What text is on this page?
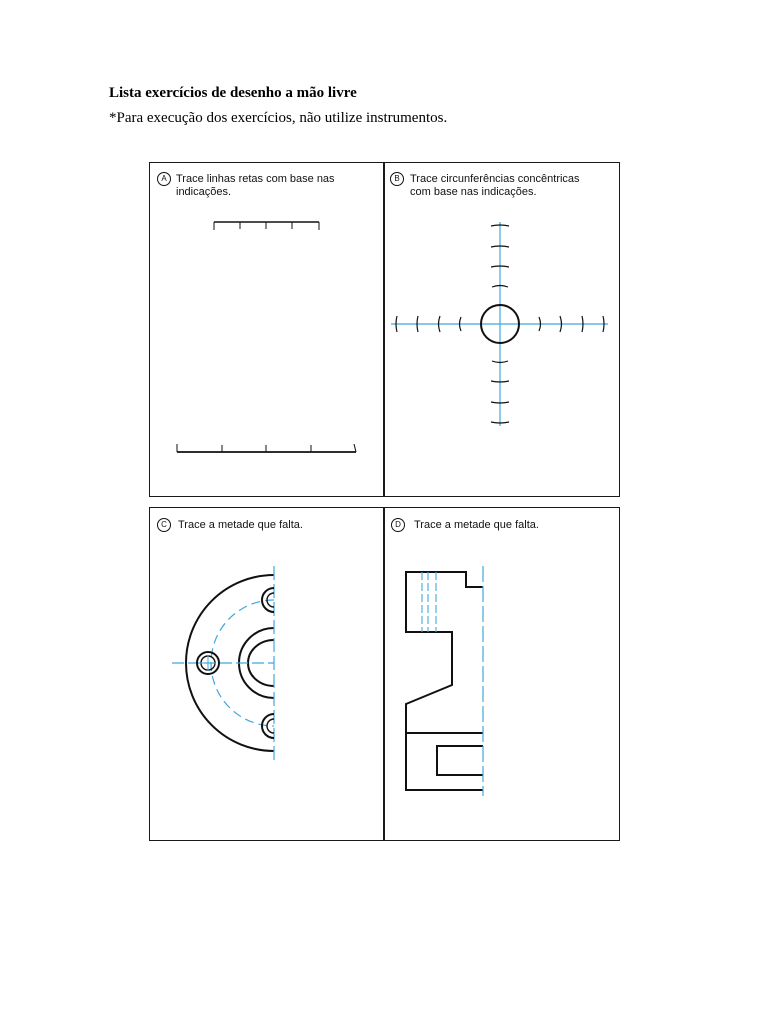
Lista exercícios de desenho a mão livre
*Para execução dos exercícios, não utilize instrumentos.
A Trace linhas retas com base nas
indicações.
B Trace circunferências concêntricas
com base nas indicações.
C	Trace a metade que falta.	D	Trace a metade que falta.
